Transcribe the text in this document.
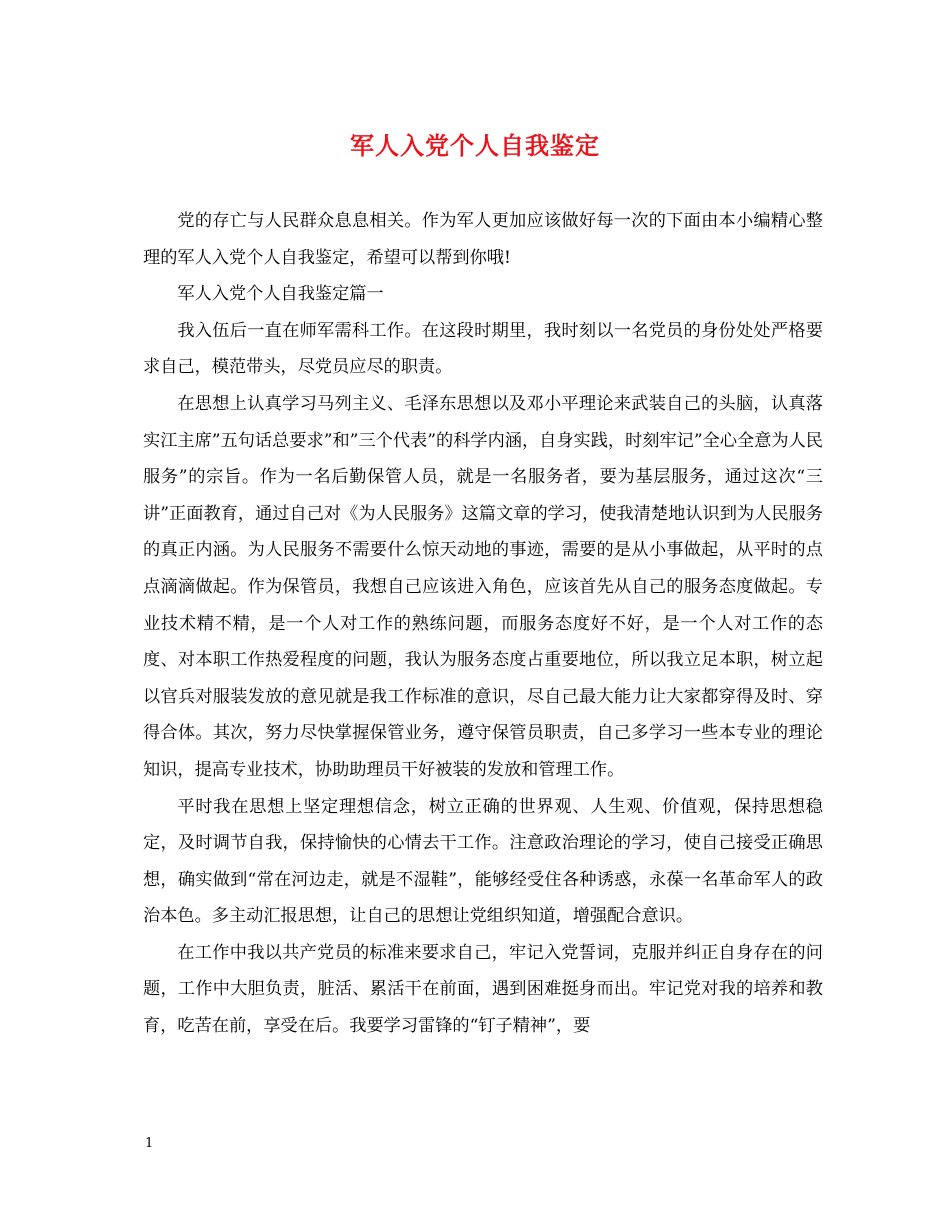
军人入党个人自我鉴定

党的存亡与人民群众息息相关。作为军人更加应该做好每一次的下面由本小编精心整理的军人入党个人自我鉴定，希望可以帮到你哦!

军人入党个人自我鉴定篇一

我入伍后一直在师军需科工作。在这段时期里，我时刻以一名党员的身份处处严格要求自己，模范带头，尽党员应尽的职责。

在思想上认真学习马列主义、毛泽东思想以及邓小平理论来武装自己的头脑，认真落实江主席”五句话总要求”和”三个代表”的科学内涵，自身实践，时刻牢记”全心全意为人民服务”的宗旨。作为一名后勤保管人员，就是一名服务者，要为基层服务，通过这次“三讲”正面教育，通过自己对《为人民服务》这篇文章的学习，使我清楚地认识到为人民服务的真正内涵。为人民服务不需要什么惊天动地的事迹，需要的是从小事做起，从平时的点点滴滴做起。作为保管员，我想自己应该进入角色，应该首先从自己的服务态度做起。专业技术精不精，是一个人对工作的熟练问题，而服务态度好不好，是一个人对工作的态度、对本职工作热爱程度的问题，我认为服务态度占重要地位，所以我立足本职，树立起以官兵对服装发放的意见就是我工作标准的意识，尽自己最大能力让大家都穿得及时、穿得合体。其次，努力尽快掌握保管业务，遵守保管员职责，自己多学习一些本专业的理论知识，提高专业技术，协助助理员干好被装的发放和管理工作。

平时我在思想上坚定理想信念，树立正确的世界观、人生观、价值观，保持思想稳定，及时调节自我，保持愉快的心情去干工作。注意政治理论的学习，使自己接受正确思想，确实做到“常在河边走，就是不湿鞋”，能够经受住各种诱惑，永葆一名革命军人的政治本色。多主动汇报思想，让自己的思想让党组织知道，增强配合意识。

在工作中我以共产党员的标准来要求自己，牢记入党誓词，克服并纠正自身存在的问题，工作中大胆负责，脏活、累活干在前面，遇到困难挺身而出。牢记党对我的培养和教育，吃苦在前，享受在后。我要学习雷锋的“钉子精神”，要

1
